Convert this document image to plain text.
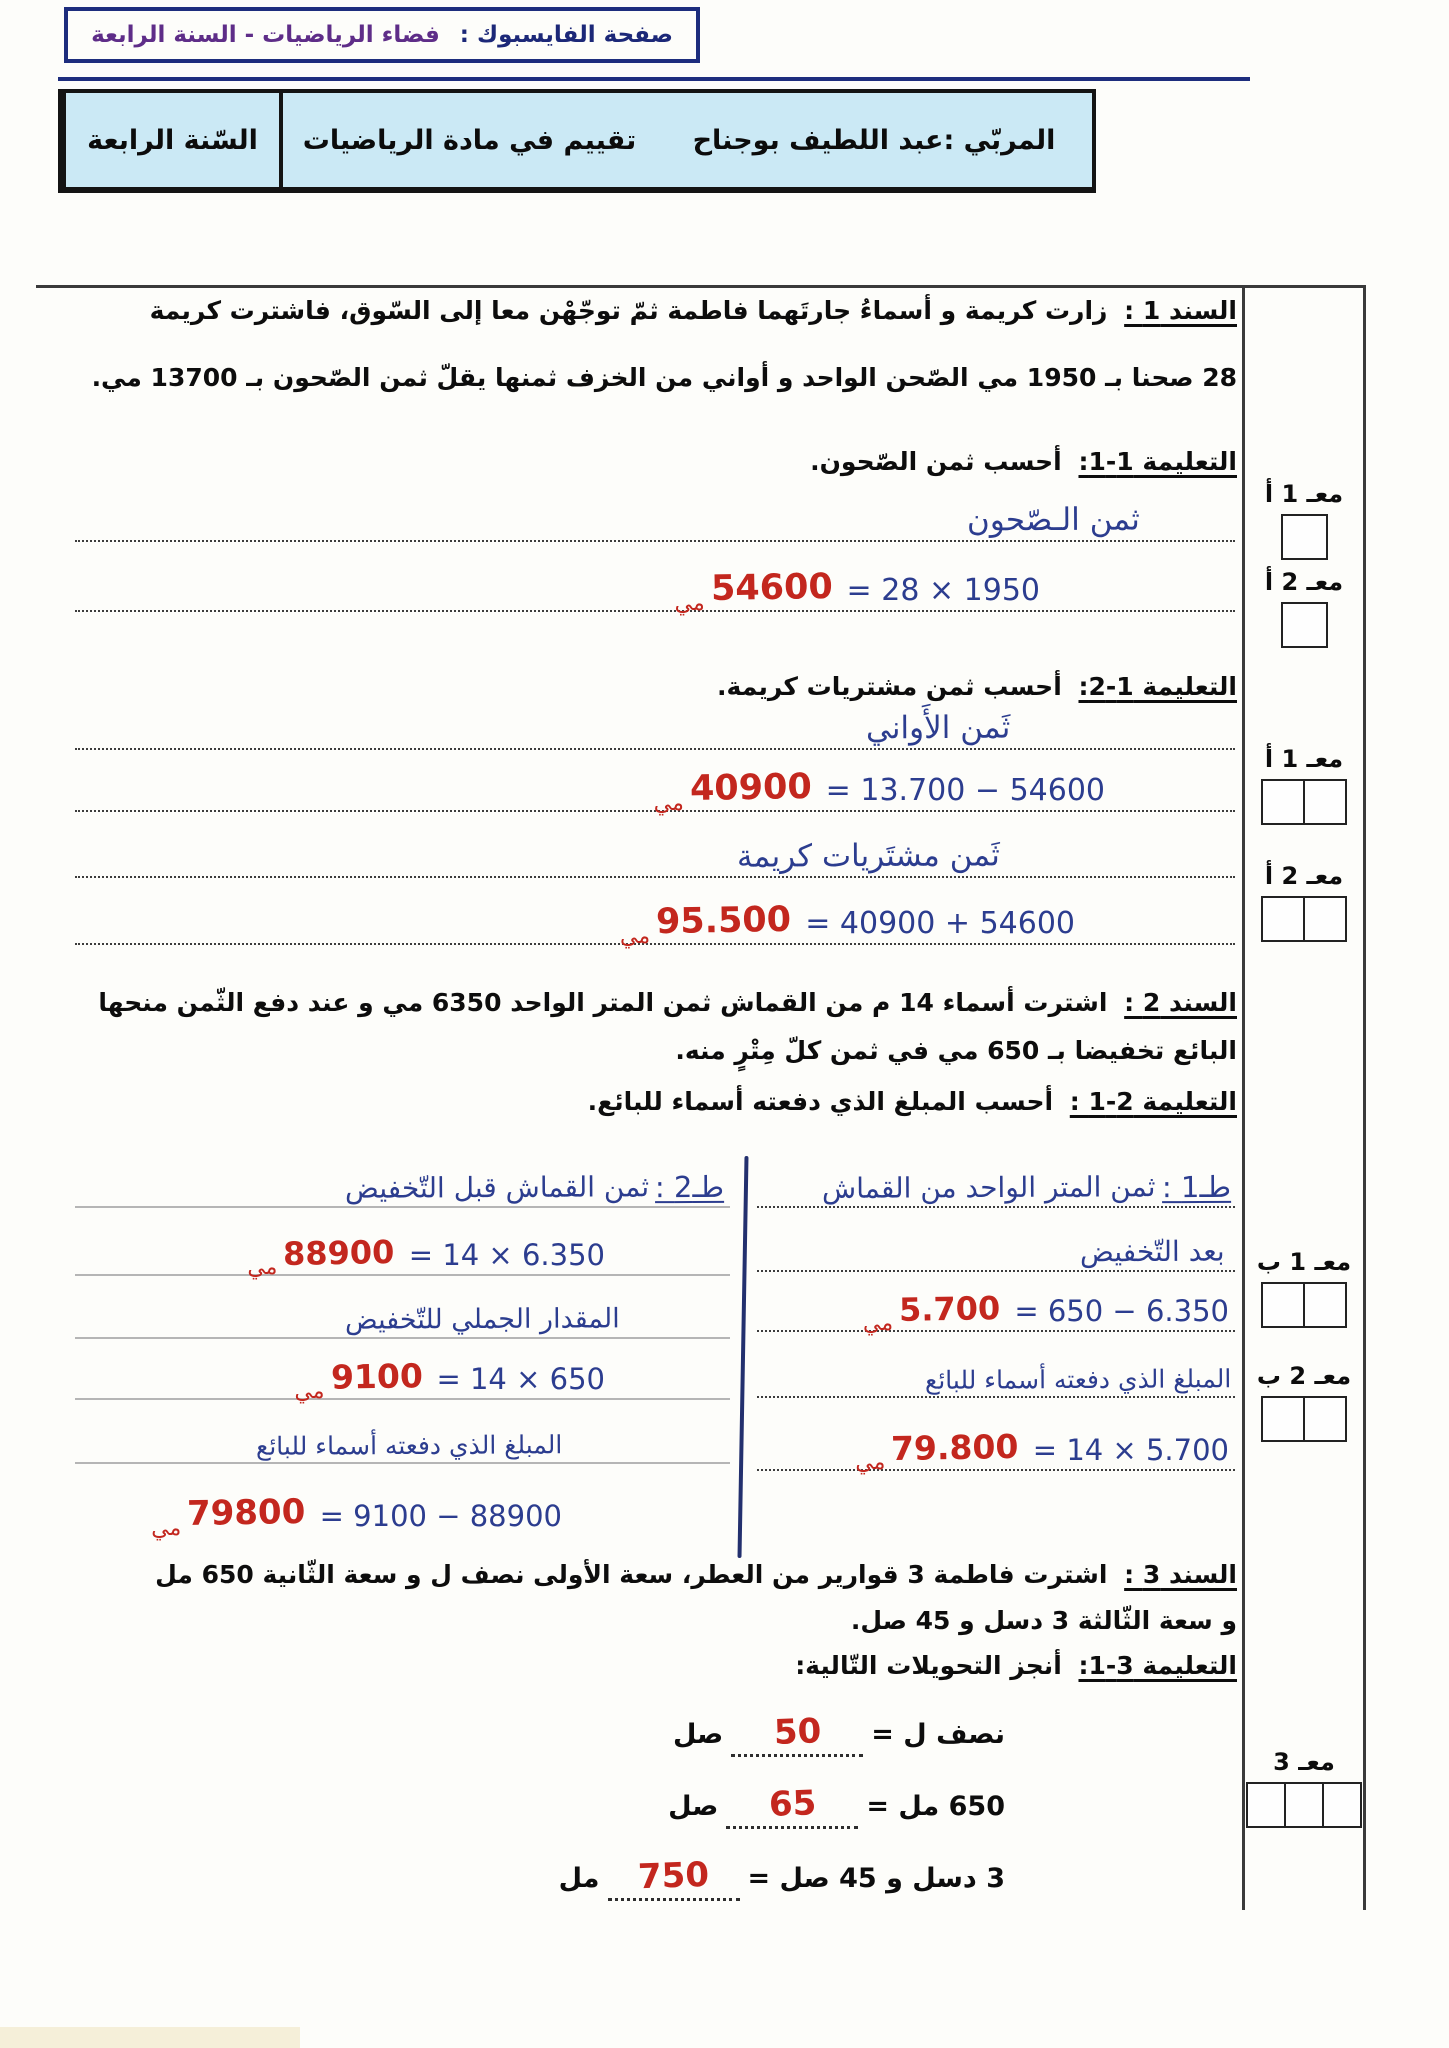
صفحة الفايسبوك :
فضاء الرياضيات - السنة الرابعة
المربّي :عبد اللطيف بوجناح
تقييم في مادة الرياضيات
السّنة الرابعة
السند 1 : زارت كريمة و أسماءُ جارتَهما فاطمة ثمّ توجّهْن معا إلى السّوق، فاشترت كريمة
28 صحنا بـ 1950 مي الصّحن الواحد و أواني من الخزف ثمنها يقلّ ثمن الصّحون بـ 13700 مي.
التعليمة 1-1: أحسب ثمن الصّحون.
ثمن الـصّحون
1950 × 28 =
54600
مي
التعليمة 1-2: أحسب ثمن مشتريات كريمة.
ثَمن الأَواني
54600 − 13.700 =
40900
مي
ثَمن مشتَريات كريمة
54600 + 40900 =
95.500
مي
السند 2 : اشترت أسماء 14 م من القماش ثمن المتر الواحد 6350 مي و عند دفع الثّمن منحها
البائع تخفيضا بـ 650 مي في ثمن كلّ مِتْرٍ منه.
التعليمة 2-1 : أحسب المبلغ الذي دفعته أسماء للبائع.
طـ1 :
ثمن المتر الواحد من القماش
بعد التّخفيض
6.350 − 650 =
5.700
مي
المبلغ الذي دفعته أسماء للبائع
5.700 × 14 =
79.800
مي
طـ2 :
ثمن القماش قبل التّخفيض
6.350 × 14 =
88900
مي
المقدار الجملي للتّخفيض
650 × 14 =
9100
مي
المبلغ الذي دفعته أسماء للبائع
88900 − 9100 =
79800
مي
السند 3 : اشترت فاطمة 3 قوارير من العطر، سعة الأولى نصف ل و سعة الثّانية 650 مل
و سعة الثّالثة 3 دسل و 45 صل.
التعليمة 3-1: أنجز التحويلات التّالية:
نصف ل =
50
صل
650 مل =
65
صل
3 دسل و 45 صل =
750
مل
معـ 1 أ
معـ 2 أ
معـ 1 أ
معـ 2 أ
معـ 1 ب
معـ 2 ب
معـ 3
